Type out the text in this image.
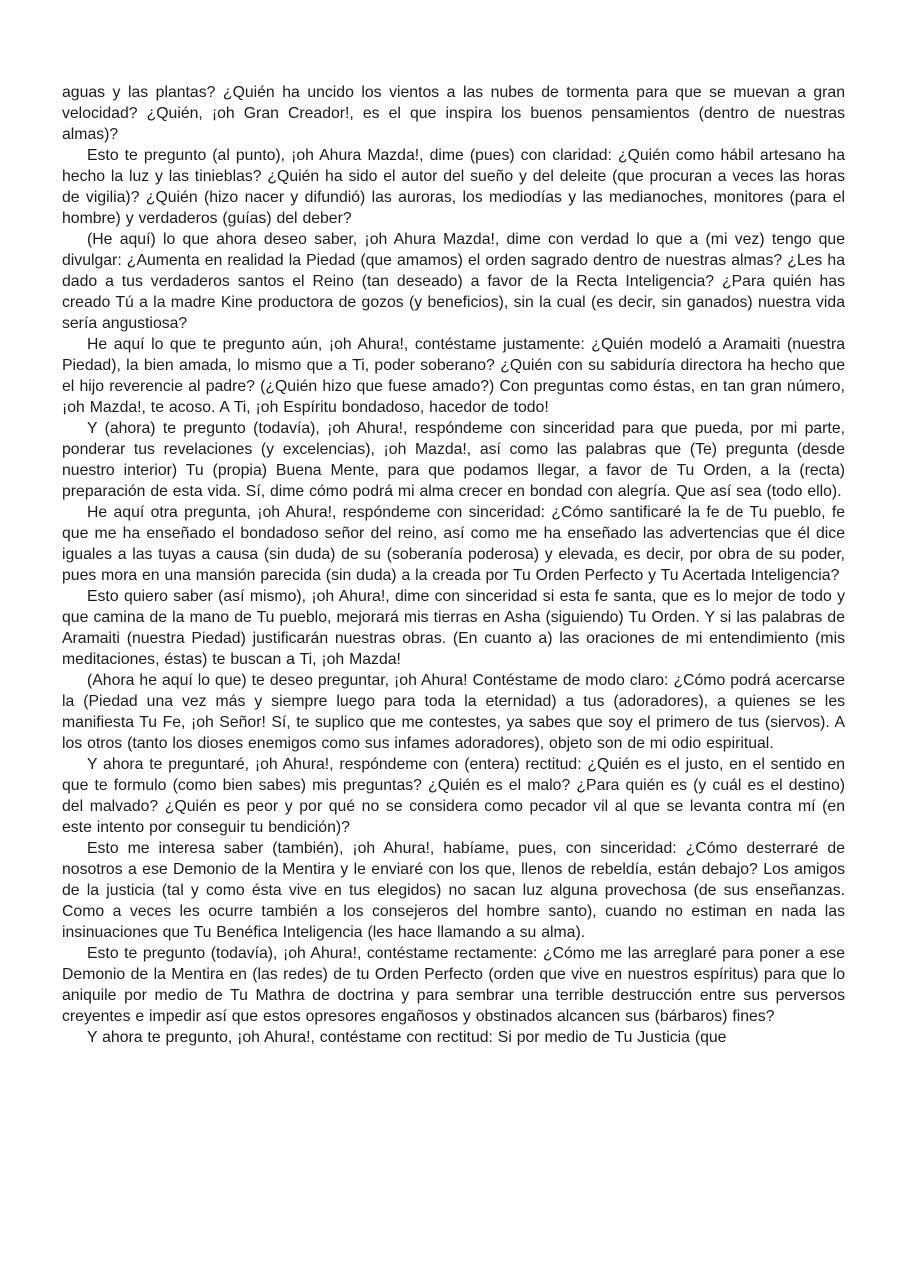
aguas y las plantas? ¿Quién ha uncido los vientos a las nubes de tormenta para que se muevan a gran velocidad? ¿Quién, ¡oh Gran Creador!, es el que inspira los buenos pensamientos (dentro de nuestras almas)?

Esto te pregunto (al punto), ¡oh Ahura Mazda!, dime (pues) con claridad: ¿Quién como hábil artesano ha hecho la luz y las tinieblas? ¿Quién ha sido el autor del sueño y del deleite (que procuran a veces las horas de vigilia)? ¿Quién (hizo nacer y difundió) las auroras, los mediodías y las medianoches, monitores (para el hombre) y verdaderos (guías) del deber?

(He aquí) lo que ahora deseo saber, ¡oh Ahura Mazda!, dime con verdad lo que a (mi vez) tengo que divulgar: ¿Aumenta en realidad la Piedad (que amamos) el orden sagrado dentro de nuestras almas? ¿Les ha dado a tus verdaderos santos el Reino (tan deseado) a favor de la Recta Inteligencia? ¿Para quién has creado Tú a la madre Kine productora de gozos (y beneficios), sin la cual (es decir, sin ganados) nuestra vida sería angustiosa?

He aquí lo que te pregunto aún, ¡oh Ahura!, contéstame justamente: ¿Quién modeló a Aramaiti (nuestra Piedad), la bien amada, lo mismo que a Ti, poder soberano? ¿Quién con su sabiduría directora ha hecho que el hijo reverencie al padre? (¿Quién hizo que fuese amado?) Con preguntas como éstas, en tan gran número, ¡oh Mazda!, te acoso. A Ti, ¡oh Espíritu bondadoso, hacedor de todo!

Y (ahora) te pregunto (todavía), ¡oh Ahura!, respóndeme con sinceridad para que pueda, por mi parte, ponderar tus revelaciones (y excelencias), ¡oh Mazda!, así como las palabras que (Te) pregunta (desde nuestro interior) Tu (propia) Buena Mente, para que podamos llegar, a favor de Tu Orden, a la (recta) preparación de esta vida. Sí, dime cómo podrá mi alma crecer en bondad con alegría. Que así sea (todo ello).

He aquí otra pregunta, ¡oh Ahura!, respóndeme con sinceridad: ¿Cómo santificaré la fe de Tu pueblo, fe que me ha enseñado el bondadoso señor del reino, así como me ha enseñado las advertencias que él dice iguales a las tuyas a causa (sin duda) de su (soberanía poderosa) y elevada, es decir, por obra de su poder, pues mora en una mansión parecida (sin duda) a la creada por Tu Orden Perfecto y Tu Acertada Inteligencia?

Esto quiero saber (así mismo), ¡oh Ahura!, dime con sinceridad si esta fe santa, que es lo mejor de todo y que camina de la mano de Tu pueblo, mejorará mis tierras en Asha (siguiendo) Tu Orden. Y si las palabras de Aramaiti (nuestra Piedad) justificarán nuestras obras. (En cuanto a) las oraciones de mi entendimiento (mis meditaciones, éstas) te buscan a Ti, ¡oh Mazda!

(Ahora he aquí lo que) te deseo preguntar, ¡oh Ahura! Contéstame de modo claro: ¿Cómo podrá acercarse la (Piedad una vez más y siempre luego para toda la eternidad) a tus (adoradores), a quienes se les manifiesta Tu Fe, ¡oh Señor! Sí, te suplico que me contestes, ya sabes que soy el primero de tus (siervos). A los otros (tanto los dioses enemigos como sus infames adoradores), objeto son de mi odio espiritual.

Y ahora te preguntaré, ¡oh Ahura!, respóndeme con (entera) rectitud: ¿Quién es el justo, en el sentido en que te formulo (como bien sabes) mis preguntas? ¿Quién es el malo? ¿Para quién es (y cuál es el destino) del malvado? ¿Quién es peor y por qué no se considera como pecador vil al que se levanta contra mí (en este intento por conseguir tu bendición)?

Esto me interesa saber (también), ¡oh Ahura!, habíame, pues, con sinceridad: ¿Cómo desterraré de nosotros a ese Demonio de la Mentira y le enviaré con los que, llenos de rebeldía, están debajo? Los amigos de la justicia (tal y como ésta vive en tus elegidos) no sacan luz alguna provechosa (de sus enseñanzas. Como a veces les ocurre también a los consejeros del hombre santo), cuando no estiman en nada las insinuaciones que Tu Benéfica Inteligencia (les hace llamando a su alma).

Esto te pregunto (todavía), ¡oh Ahura!, contéstame rectamente: ¿Cómo me las arreglaré para poner a ese Demonio de la Mentira en (las redes) de tu Orden Perfecto (orden que vive en nuestros espíritus) para que lo aniquile por medio de Tu Mathra de doctrina y para sembrar una terrible destrucción entre sus perversos creyentes e impedir así que estos opresores engañosos y obstinados alcancen sus (bárbaros) fines?

Y ahora te pregunto, ¡oh Ahura!, contéstame con rectitud: Si por medio de Tu Justicia (que
